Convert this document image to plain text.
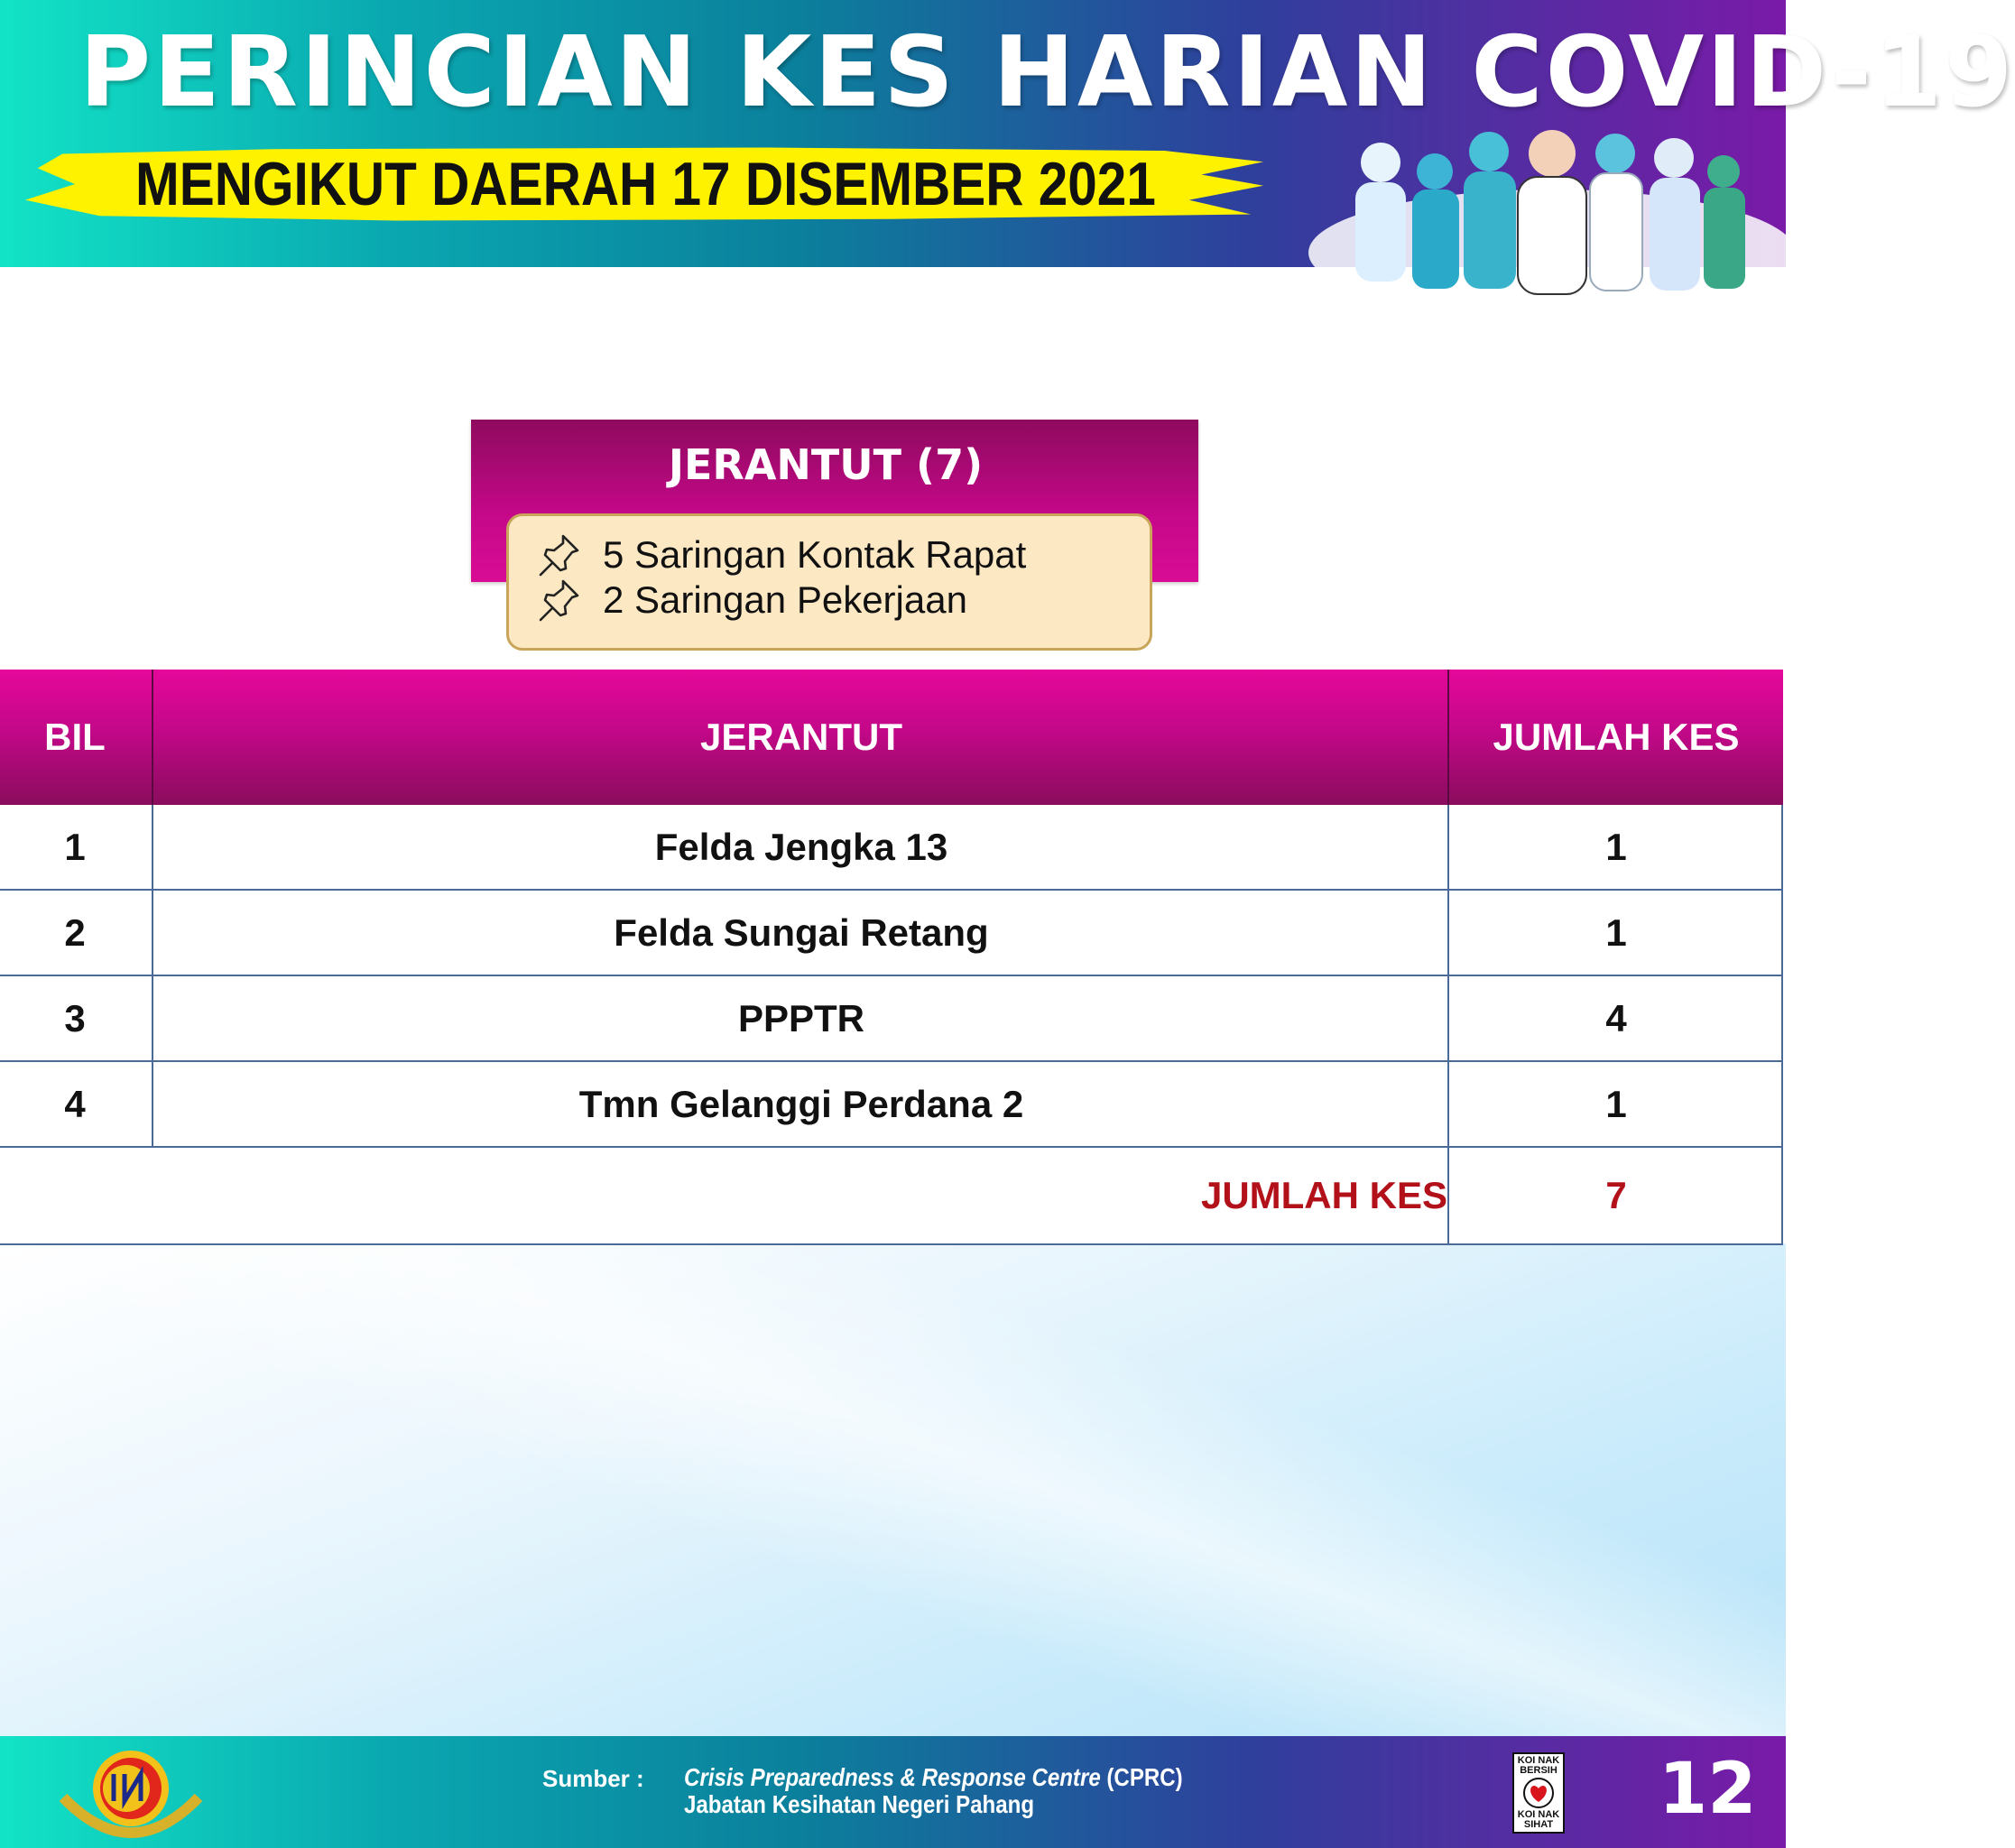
PERINCIAN KES HARIAN COVID-19
MENGIKUT DAERAH 17 DISEMBER 2021
JERANTUT (7)
5 Saringan Kontak Rapat
2 Saringan Pekerjaan
BIL	JERANTUT	JUMLAH KES
1	Felda Jengka 13	1
2	Felda Sungai Retang	1
3	PPPTR	4
4	Tmn Gelanggi Perdana 2	1
JUMLAH KES	7
Sumber : Crisis Preparedness & Response Centre (CPRC)
Jabatan Kesihatan Negeri Pahang
KOI NAK BERSIH
KOI NAK SIHAT 12
